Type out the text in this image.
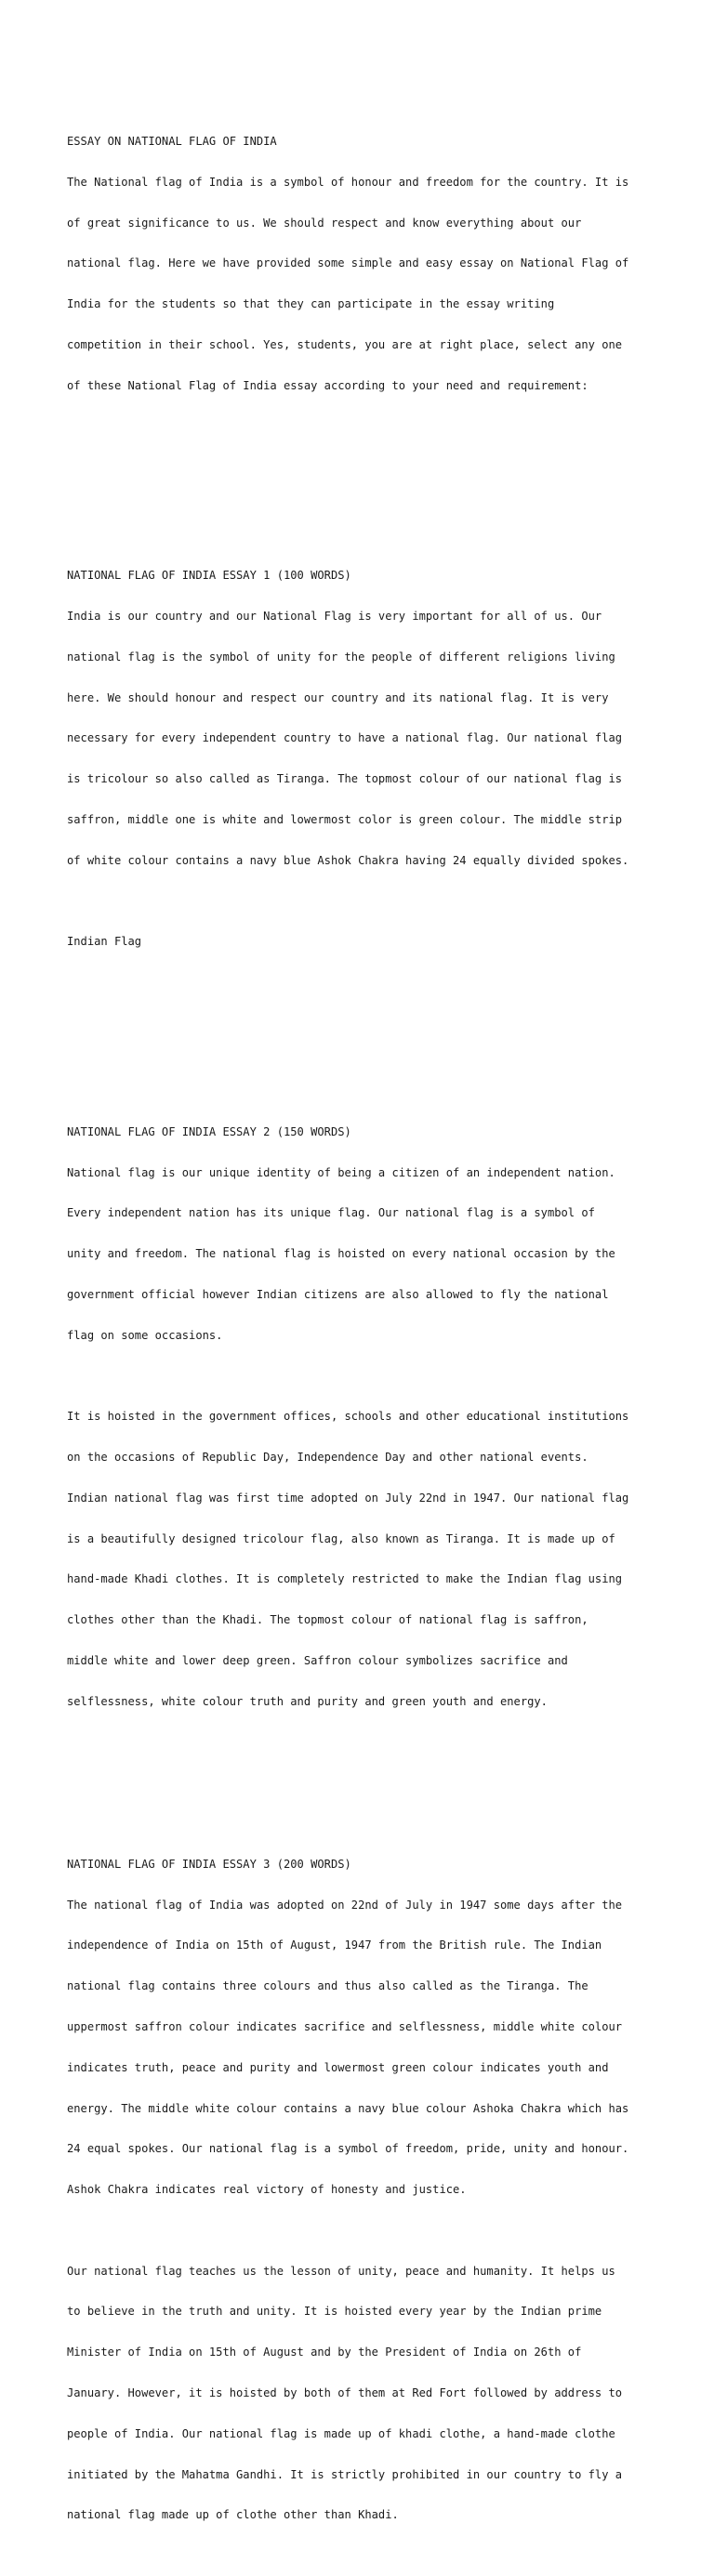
ESSAY ON NATIONAL FLAG OF INDIA

The National flag of India is a symbol of honour and freedom for the country. It is

of great significance to us. We should respect and know everything about our

national flag. Here we have provided some simple and easy essay on National Flag of

India for the students so that they can participate in the essay writing

competition in their school. Yes, students, you are at right place, select any one

of these National Flag of India essay according to your need and requirement:

NATIONAL FLAG OF INDIA ESSAY 1 (100 WORDS)

India is our country and our National Flag is very important for all of us. Our

national flag is the symbol of unity for the people of different religions living

here. We should honour and respect our country and its national flag. It is very

necessary for every independent country to have a national flag. Our national flag

is tricolour so also called as Tiranga. The topmost colour of our national flag is

saffron, middle one is white and lowermost color is green colour. The middle strip

of white colour contains a navy blue Ashok Chakra having 24 equally divided spokes.

Indian Flag

NATIONAL FLAG OF INDIA ESSAY 2 (150 WORDS)

National flag is our unique identity of being a citizen of an independent nation.

Every independent nation has its unique flag. Our national flag is a symbol of

unity and freedom. The national flag is hoisted on every national occasion by the

government official however Indian citizens are also allowed to fly the national

flag on some occasions.

It is hoisted in the government offices, schools and other educational institutions

on the occasions of Republic Day, Independence Day and other national events.

Indian national flag was first time adopted on July 22nd in 1947. Our national flag

is a beautifully designed tricolour flag, also known as Tiranga. It is made up of

hand-made Khadi clothes. It is completely restricted to make the Indian flag using

clothes other than the Khadi. The topmost colour of national flag is saffron,

middle white and lower deep green. Saffron colour symbolizes sacrifice and

selflessness, white colour truth and purity and green youth and energy.

NATIONAL FLAG OF INDIA ESSAY 3 (200 WORDS)

The national flag of India was adopted on 22nd of July in 1947 some days after the

independence of India on 15th of August, 1947 from the British rule. The Indian

national flag contains three colours and thus also called as the Tiranga. The

uppermost saffron colour indicates sacrifice and selflessness, middle white colour

indicates truth, peace and purity and lowermost green colour indicates youth and

energy. The middle white colour contains a navy blue colour Ashoka Chakra which has

24 equal spokes. Our national flag is a symbol of freedom, pride, unity and honour.

Ashok Chakra indicates real victory of honesty and justice.

Our national flag teaches us the lesson of unity, peace and humanity. It helps us

to believe in the truth and unity. It is hoisted every year by the Indian prime

Minister of India on 15th of August and by the President of India on 26th of

January. However, it is hoisted by both of them at Red Fort followed by address to

people of India. Our national flag is made up of khadi clothe, a hand-made clothe

initiated by the Mahatma Gandhi. It is strictly prohibited in our country to fly a

national flag made up of clothe other than Khadi.
